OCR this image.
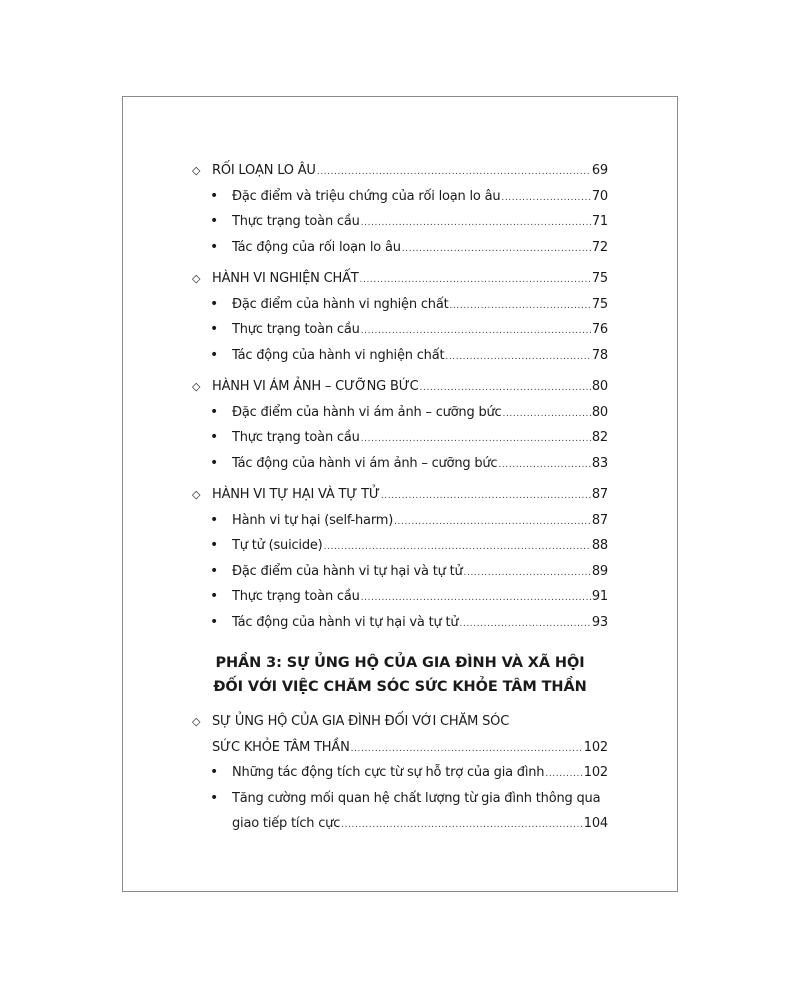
◇ RỐI LOẠN LO ÂU .....	69
•	Đặc điểm và triệu chứng của rối loạn lo âu .....	70
•	Thực trạng toàn cầu .....	71
•	Tác động của rối loạn lo âu .....	72
◇ HÀNH VI NGHIỆN CHẤT .....	75
•	Đặc điểm của hành vi nghiện chất .....	75
•	Thực trạng toàn cầu .....	76
•	Tác động của hành vi nghiện chất .....	78
◇ HÀNH VI ÁM ẢNH – CƯỠNG BỨC .....	80
•	Đặc điểm của hành vi ám ảnh – cưỡng bức .....	80
•	Thực trạng toàn cầu .....	82
•	Tác động của hành vi ám ảnh – cưỡng bức .....	83
◇ HÀNH VI TỰ HẠI VÀ TỰ TỬ .....	87
•	Hành vi tự hại (self-harm) .....	87
•	Tự tử (suicide) .....	88
•	Đặc điểm của hành vi tự hại và tự tử .....	89
•	Thực trạng toàn cầu .....	91
•	Tác động của hành vi tự hại và tự tử .....	93
PHẦN 3: SỰ ỦNG HỘ CỦA GIA ĐÌNH VÀ XÃ HỘI
ĐỐI VỚI VIỆC CHĂM SÓC SỨC KHỎE TÂM THẦN
◇ SỰ ỦNG HỘ CỦA GIA ĐÌNH ĐỐI VỚI CHĂM SÓC
SỨC KHỎE TÂM THẦN .....	102
•	Những tác động tích cực từ sự hỗ trợ của gia đình .....	102
•	Tăng cường mối quan hệ chất lượng từ gia đình thông qua
giao tiếp tích cực .....	104
